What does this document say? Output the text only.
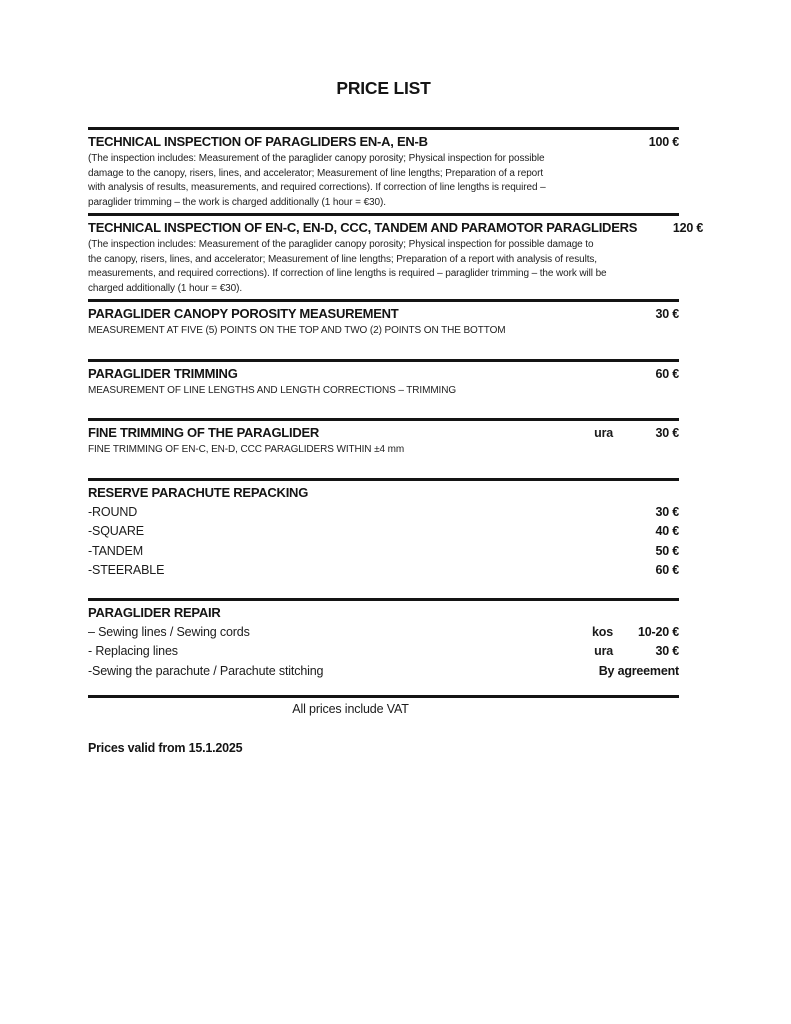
PRICE LIST
TECHNICAL INSPECTION OF PARAGLIDERS EN-A, EN-B	100 €

(The inspection includes: Measurement of the paraglider canopy porosity; Physical inspection for possible damage to the canopy, risers, lines, and accelerator; Measurement of line lengths; Preparation of a report with analysis of results, measurements, and required corrections). If correction of line lengths is required – paraglider trimming – the work is charged additionally (1 hour = €30).

TECHNICAL INSPECTION OF EN-C, EN-D, CCC, TANDEM AND PARAMOTOR PARAGLIDERS	120 €

(The inspection includes: Measurement of the paraglider canopy porosity; Physical inspection for possible damage to the canopy, risers, lines, and accelerator; Measurement of line lengths; Preparation of a report with analysis of results, measurements, and required corrections). If correction of line lengths is required – paraglider trimming – the work will be charged additionally (1 hour = €30).

PARAGLIDER CANOPY POROSITY MEASUREMENT	30 €

MEASUREMENT AT FIVE (5) POINTS ON THE TOP AND TWO (2) POINTS ON THE BOTTOM

PARAGLIDER TRIMMING	60 €

MEASUREMENT OF LINE LENGTHS AND LENGTH CORRECTIONS – TRIMMING

FINE TRIMMING OF THE PARAGLIDER	ura	30 €

FINE TRIMMING OF EN-C, EN-D, CCC PARAGLIDERS WITHIN ±4 mm

RESERVE PARACHUTE REPACKING
-ROUND	30 €
-SQUARE	40 €
-TANDEM	50 €
-STEERABLE	60 €
PARAGLIDER REPAIR
– Sewing lines / Sewing cords	kos	10-20 €
- Replacing lines	ura	30 €
-Sewing the parachute / Parachute stitching	By agreement

All prices include VAT

Prices valid from 15.1.2025
